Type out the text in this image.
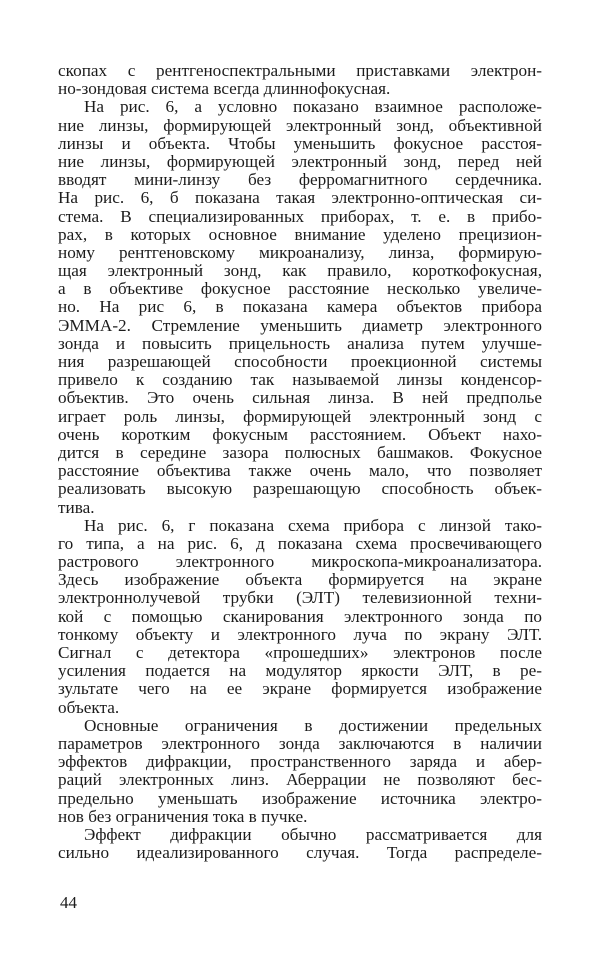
скопах с рентгеноспектральными приставками электрон-
но-зондовая система всегда длиннофокусная.
На рис. 6, а условно показано взаимное расположе-
ние линзы, формирующей электронный зонд, объективной
линзы и объекта. Чтобы уменьшить фокусное расстоя-
ние линзы, формирующей электронный зонд, перед ней
вводят мини-линзу без ферромагнитного сердечника.
На рис. 6, б показана такая электронно-оптическая си-
стема. В специализированных приборах, т. е. в прибо-
рах, в которых основное внимание уделено прецизион-
ному рентгеновскому микроанализу, линза, формирую-
щая электронный зонд, как правило, короткофокусная,
а в объективе фокусное расстояние несколько увеличе-
но. На рис 6, в показана камера объектов прибора
ЭММА-2. Стремление уменьшить диаметр электронного
зонда и повысить прицельность анализа путем улучше-
ния разрешающей способности проекционной системы
привело к созданию так называемой линзы конденсор-
объектив. Это очень сильная линза. В ней предполье
играет роль линзы, формирующей электронный зонд с
очень коротким фокусным расстоянием. Объект нахо-
дится в середине зазора полюсных башмаков. Фокусное
расстояние объектива также очень мало, что позволяет
реализовать высокую разрешающую способность объек-
тива.
На рис. 6, г показана схема прибора с линзой тако-
го типа, а на рис. 6, д показана схема просвечивающего
растрового электронного микроскопа-микроанализатора.
Здесь изображение объекта формируется на экране
электроннолучевой трубки (ЭЛТ) телевизионной техни-
кой с помощью сканирования электронного зонда по
тонкому объекту и электронного луча по экрану ЭЛТ.
Сигнал с детектора «прошедших» электронов после
усиления подается на модулятор яркости ЭЛТ, в ре-
зультате чего на ее экране формируется изображение
объекта.
Основные ограничения в достижении предельных
параметров электронного зонда заключаются в наличии
эффектов дифракции, пространственного заряда и абер-
раций электронных линз. Аберрации не позволяют бес-
предельно уменьшать изображение источника электро-
нов без ограничения тока в пучке.
Эффект дифракции обычно рассматривается для
сильно идеализированного случая. Тогда распределе-
44
